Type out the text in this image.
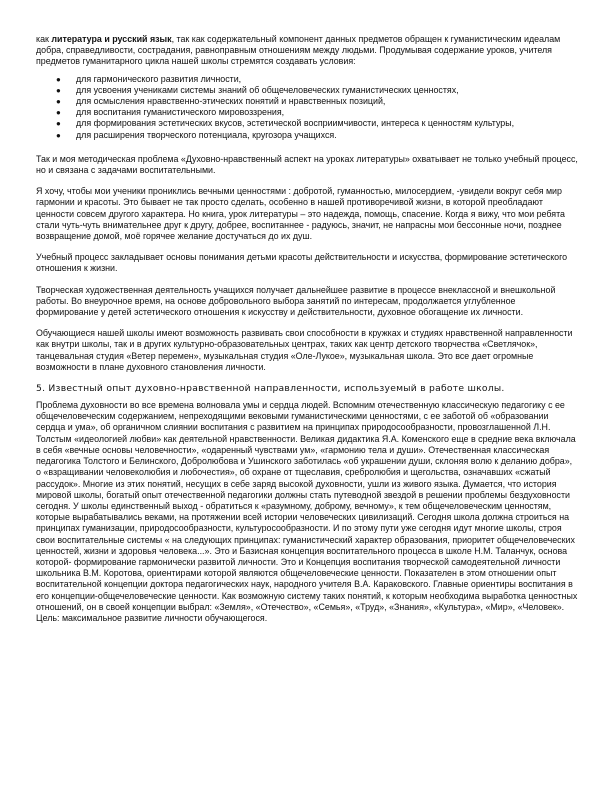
как литература и русский язык, так как содержательный компонент данных предметов обращен к гуманистическим идеалам добра, справедливости, сострадания, равноправным отношениям между людьми. Продумывая содержание уроков, учителя предметов гуманитарного цикла нашей школы стремятся создавать условия:

● для гармонического развития личности,
● для усвоения учениками системы знаний об общечеловеческих гуманистических ценностях,
● для осмысления нравственно-этических понятий и нравственных позиций,
● для воспитания гуманистического мировоззрения,
● для формирования эстетических вкусов, эстетической восприимчивости, интереса к ценностям культуры,
● для расширения творческого потенциала, кругозора учащихся.

Так и моя методическая проблема «Духовно-нравственный аспект на уроках литературы» охватывает не только учебный процесс, но и связана с задачами воспитательными.

Я хочу, чтобы мои ученики прониклись вечными ценностями : добротой, гуманностью, милосердием, -увидели вокруг себя мир гармонии и красоты. Это бывает не так просто сделать, особенно в нашей противоречивой жизни, в которой преобладают ценности совсем другого характера. Но книга, урок литературы – это надежда, помощь, спасение. Когда я вижу, что мои ребята стали чуть-чуть внимательнее друг к другу, добрее, воспитаннее - радуюсь, значит, не напрасны мои бессонные ночи, позднее возвращение домой, моё горячее желание достучаться до их душ.

Учебный процесс закладывает основы понимания детьми красоты действительности и искусства, формирование эстетического отношения к жизни.

Творческая художественная деятельность учащихся получает дальнейшее развитие в процессе внеклассной и внешкольной работы. Во внеурочное время, на основе добровольного выбора занятий по интересам, продолжается углубленное формирование у детей эстетического отношения к искусству и действительности, духовное обогащение их личности.

Обучающиеся нашей школы имеют возможность развивать свои способности в кружках и студиях нравственной направленности как внутри школы, так и в других культурно-образовательных центрах, таких как центр детского творчества «Светлячок», танцевальная студия «Ветер перемен», музыкальная студия «Оле-Лукое», музыкальная школа. Это все дает огромные возможности в плане духовного становления личности.

5. Известный опыт духовно-нравственной направленности, используемый в работе школы.

Проблема духовности во все времена волновала умы и сердца людей. Вспомним отечественную классическую педагогику с ее общечеловеческим содержанием, непреходящими вековыми гуманистическими ценностями, с ее заботой об «образовании сердца и ума», об органичном слиянии воспитания с развитием на принципах природосообразности, провозглашенной Л.Н. Толстым «идеологией любви» как деятельной нравственности. Великая дидактика Я.А. Коменского еще в средние века включала в себя «вечные основы человечности», «одаренный чувствами ум», «гармонию тела и души». Отечественная классическая педагогика Толстого и Белинского, Добролюбова и Ушинского заботилась «об украшении души, склоняя волю к деланию добра», о «взращивании человеколюбия и любочестия», об охране от тщеславия, сребролюбия и щегольства, означавших «сжатый рассудок». Многие из этих понятий, несущих в себе заряд высокой духовности, ушли из живого языка. Думается, что история мировой школы, богатый опыт отечественной педагогики должны стать путеводной звездой в решении проблемы бездуховности сегодня. У школы единственный выход - обратиться к «разумному, доброму, вечному», к тем общечеловеческим ценностям, которые вырабатывались веками, на протяжении всей истории человеческих цивилизаций. Сегодня школа должна строиться на принципах гуманизации, природосообразности, культуросообразности. И по этому пути уже сегодня идут многие школы, строя свои воспитательные системы « на следующих принципах: гуманистический характер образования, приоритет общечеловеческих ценностей, жизни и здоровья человека...». Это и Базисная концепция воспитательного процесса в школе Н.М. Таланчук, основа которой- формирование гармонически развитой личности. Это и Концепция воспитания творческой самодеятельной личности школьника В.М. Коротова, ориентирами которой являются общечеловеческие ценности. Показателен в этом отношении опыт воспитательной концепции доктора педагогических наук, народного учителя В.А. Караковского. Главные ориентиры воспитания в его концепции-общечеловеческие ценности. Как возможную систему таких понятий, к которым необходима выработка ценностных отношений, он в своей концепции выбрал: «Земля», «Отечество», «Семья», «Труд», «Знания», «Культура», «Мир», «Человек». Цель: максимальное развитие личности обучающегося.
